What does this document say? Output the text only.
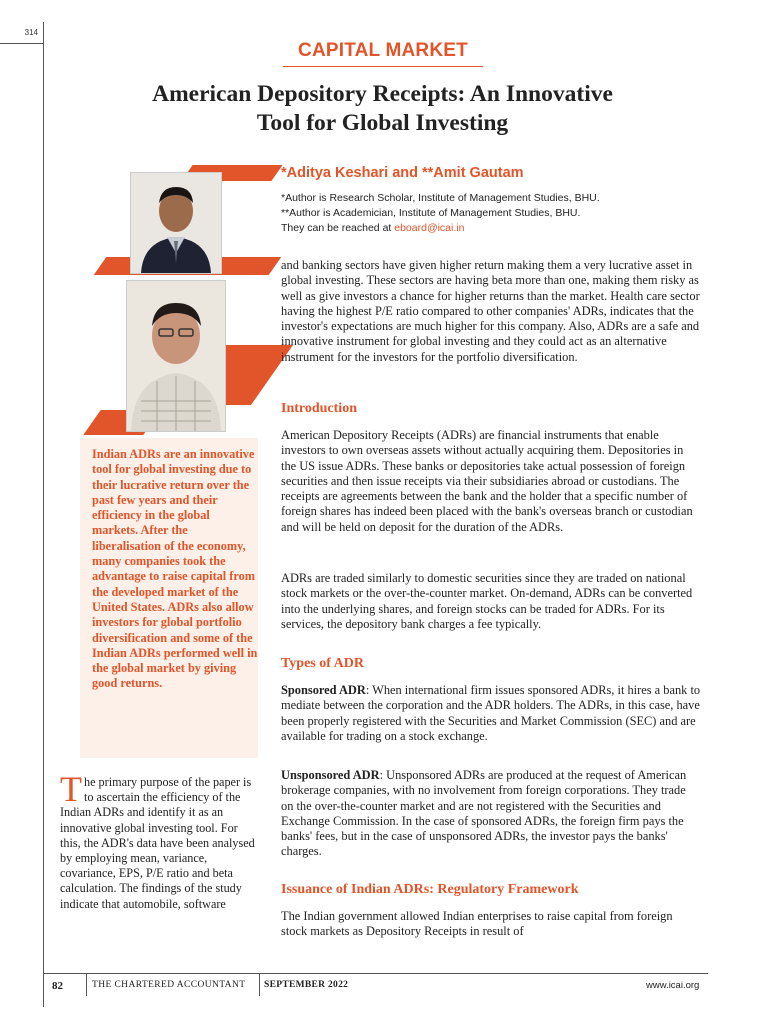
314
CAPITAL MARKET
American Depository Receipts: An Innovative
Tool for Global Investing
*Aditya Keshari and **Amit Gautam
*Author is Research Scholar, Institute of Management Studies, BHU.
**Author is Academician, Institute of Management Studies, BHU.
They can be reached at eboard@icai.in
Indian ADRs are an innovative tool for global investing due to their lucrative return over the past few years and their efficiency in the global markets. After the liberalisation of the economy, many companies took the advantage to raise capital from the developed market of the United States. ADRs also allow investors for global portfolio diversification and some of the Indian ADRs performed well in the global market by giving good returns.
The primary purpose of the paper is to ascertain the efficiency of the Indian ADRs and identify it as an innovative global investing tool. For this, the ADR's data have been analysed by employing mean, variance, covariance, EPS, P/E ratio and beta calculation. The findings of the study indicate that automobile, software
and banking sectors have given higher return making them a very lucrative asset in global investing. These sectors are having beta more than one, making them risky as well as give investors a chance for higher returns than the market. Health care sector having the highest P/E ratio compared to other companies' ADRs, indicates that the investor's expectations are much higher for this company. Also, ADRs are a safe and innovative instrument for global investing and they could act as an alternative instrument for the investors for the portfolio diversification.
Introduction
American Depository Receipts (ADRs) are financial instruments that enable investors to own overseas assets without actually acquiring them. Depositories in the US issue ADRs. These banks or depositories take actual possession of foreign securities and then issue receipts via their subsidiaries abroad or custodians. The receipts are agreements between the bank and the holder that a specific number of foreign shares has indeed been placed with the bank's overseas branch or custodian and will be held on deposit for the duration of the ADRs.
ADRs are traded similarly to domestic securities since they are traded on national stock markets or the over-the-counter market. On-demand, ADRs can be converted into the underlying shares, and foreign stocks can be traded for ADRs. For its services, the depository bank charges a fee typically.
Types of ADR
Sponsored ADR: When international firm issues sponsored ADRs, it hires a bank to mediate between the corporation and the ADR holders. The ADRs, in this case, have been properly registered with the Securities and Market Commission (SEC) and are available for trading on a stock exchange.
Unsponsored ADR: Unsponsored ADRs are produced at the request of American brokerage companies, with no involvement from foreign corporations. They trade on the over-the-counter market and are not registered with the Securities and Exchange Commission. In the case of sponsored ADRs, the foreign firm pays the banks' fees, but in the case of unsponsored ADRs, the investor pays the banks' charges.
Issuance of Indian ADRs: Regulatory Framework
The Indian government allowed Indian enterprises to raise capital from foreign stock markets as Depository Receipts in result of
82	THE CHARTERED ACCOUNTANT SEPTEMBER 2022	www.icai.org
